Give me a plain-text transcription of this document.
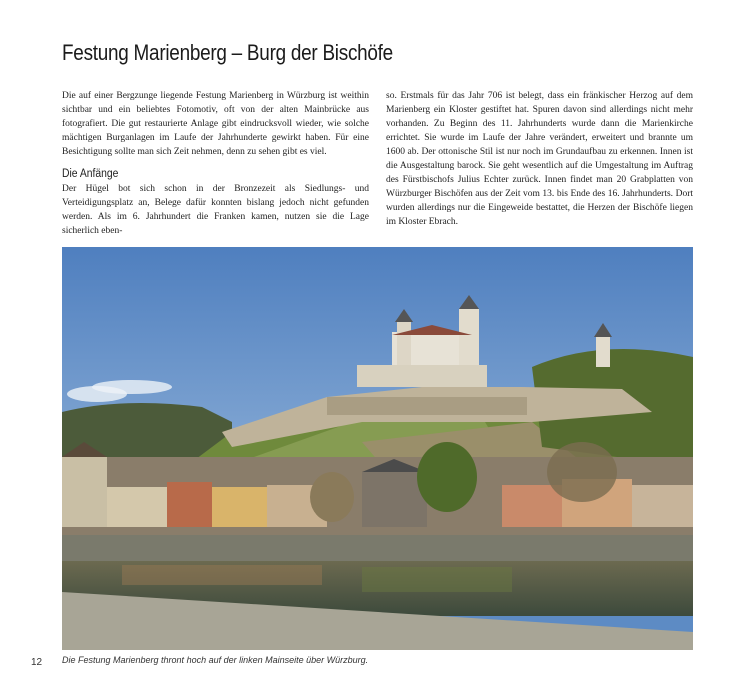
Festung Marienberg – Burg der Bischöfe

Die auf einer Bergzunge liegende Festung Marienberg in Würzburg ist weithin sichtbar und ein beliebtes Fotomotiv, oft von der alten Mainbrücke aus fotografiert. Die gut restaurierte Anlage gibt eindrucksvoll wieder, wie solche mächtigen Burganlagen im Laufe der Jahrhunderte gewirkt haben. Für eine Besichtigung sollte man sich Zeit nehmen, denn zu sehen gibt es viel.

Die Anfänge

Der Hügel bot sich schon in der Bronzezeit als Siedlungs- und Verteidigungsplatz an, Belege dafür konnten bislang jedoch nicht gefunden werden. Als im 6. Jahrhundert die Franken kamen, nutzen sie die Lage sicherlich eben-

so. Erstmals für das Jahr 706 ist belegt, dass ein fränkischer Herzog auf dem Marienberg ein Kloster gestiftet hat. Spuren davon sind allerdings nicht mehr vorhanden. Zu Beginn des 11. Jahrhunderts wurde dann die Marienkirche errichtet. Sie wurde im Laufe der Jahre verändert, erweitert und brannte um 1600 ab. Der ottonische Stil ist nur noch im Grundaufbau zu erkennen. Innen ist die Ausgestaltung barock. Sie geht wesentlich auf die Umgestaltung im Auftrag des Fürstbischofs Julius Echter zurück. Innen findet man 20 Grabplatten von Würzburger Bischöfen aus der Zeit vom 13. bis Ende des 16. Jahrhunderts. Dort wurden allerdings nur die Eingeweide bestattet, die Herzen der Bischöfe liegen im Kloster Ebrach.

12 Die Festung Marienberg thront hoch auf der linken Mainseite über Würzburg.
